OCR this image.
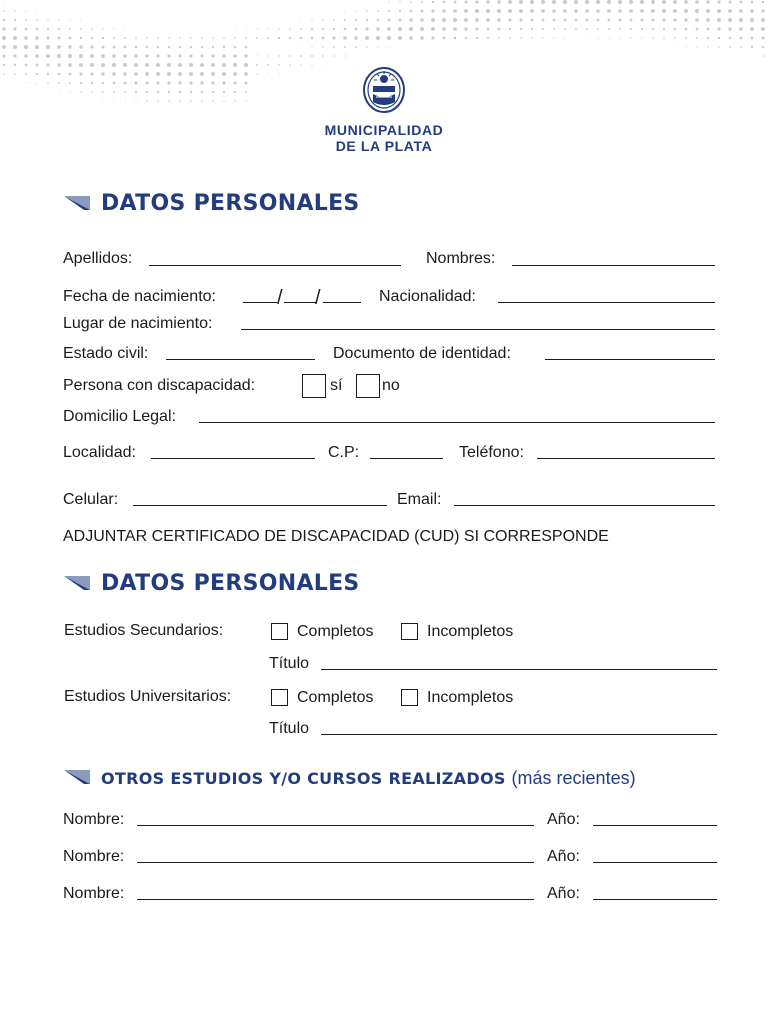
MUNICIPALIDAD
DE LA PLATA
DATOS PERSONALES
Apellidos:	Nombres:
Fecha de nacimiento:	/ /	Nacionalidad:
Lugar de nacimiento:
Estado civil:	Documento de identidad:
Persona con discapacidad:	sí no
Domicilio Legal:
Localidad:	C.P:	Teléfono:
Celular:	Email:
ADJUNTAR CERTIFICADO DE DISCAPACIDAD (CUD) SI CORRESPONDE
DATOS PERSONALES
Estudios Secundarios:	Completos	Incompletos
Título
Estudios Universitarios:	Completos	Incompletos
Título
OTROS ESTUDIOS Y/O CURSOS REALIZADOS (más recientes)
Nombre:	Año:
Nombre:	Año:
Nombre:	Año:
